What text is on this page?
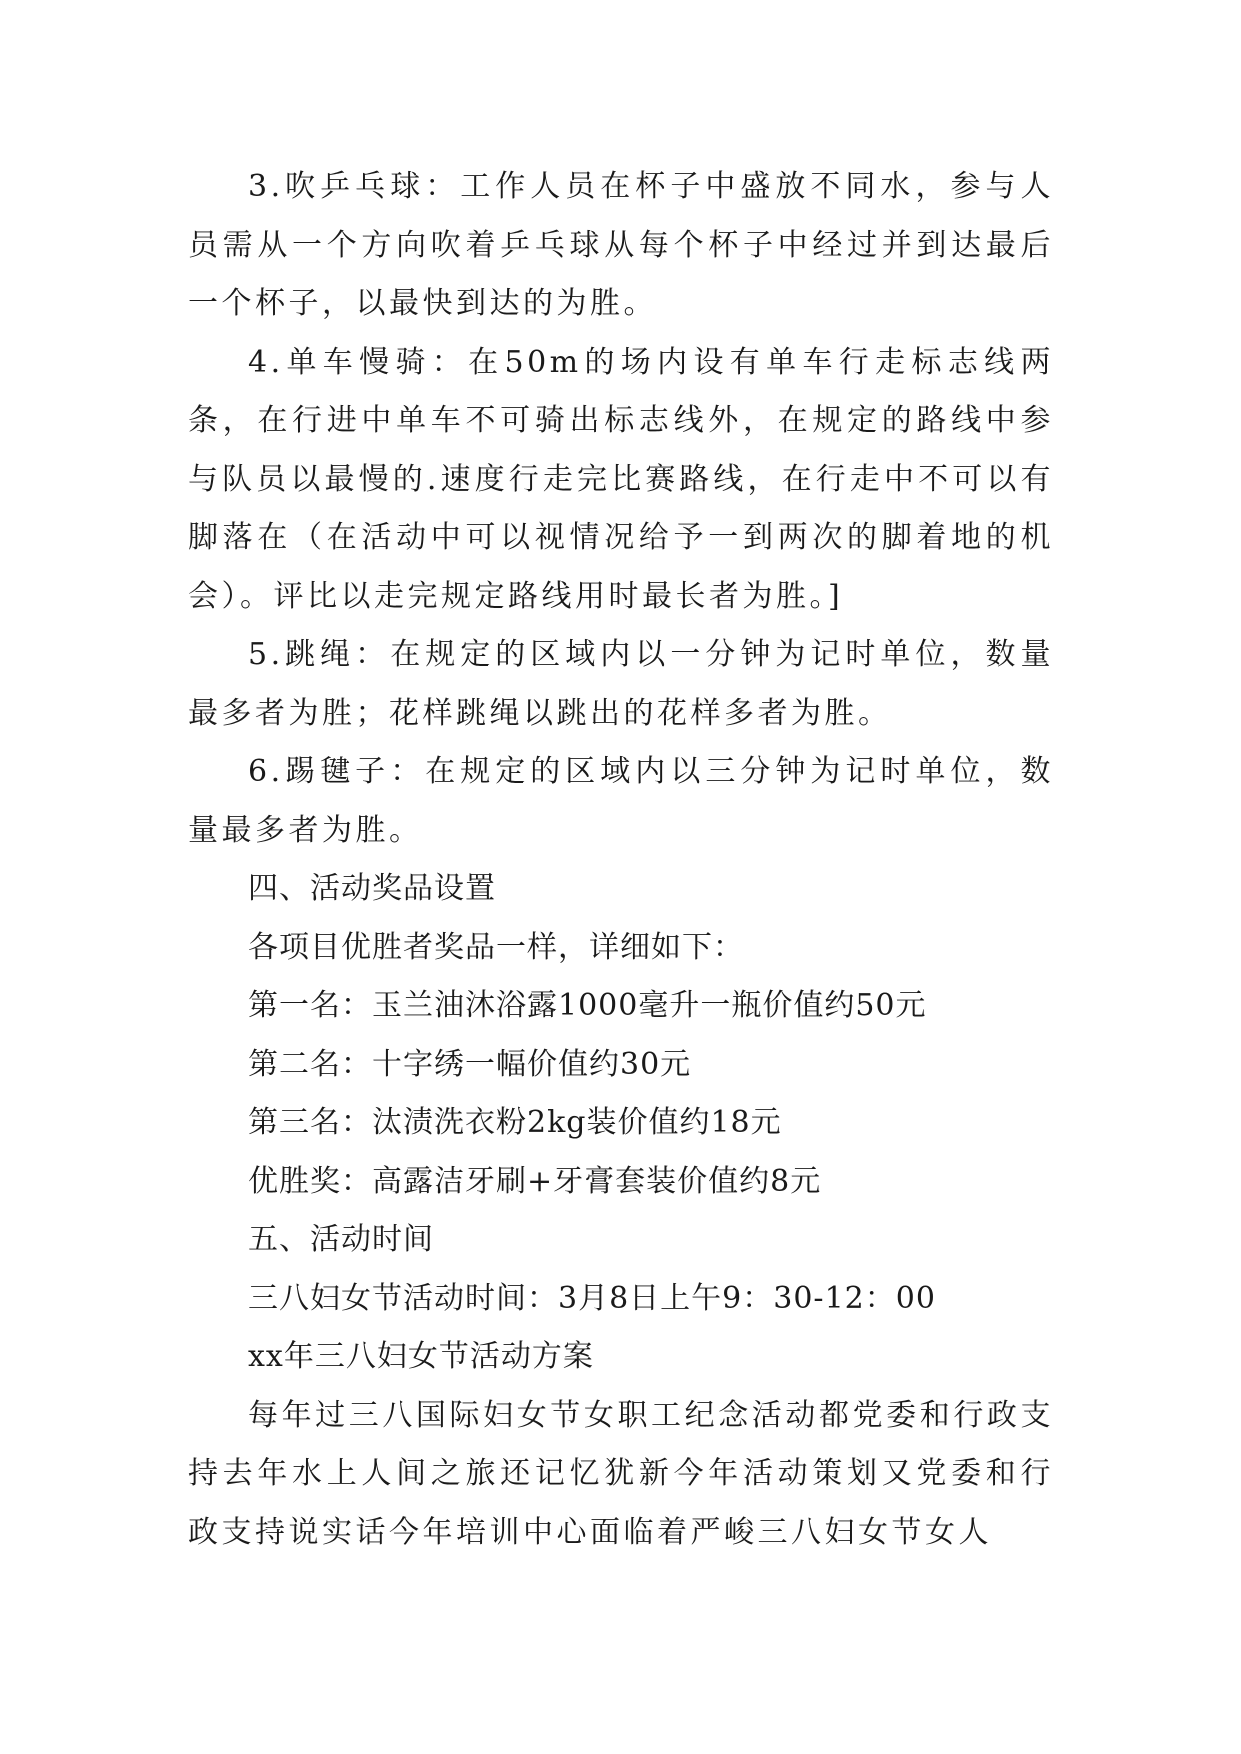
3.吹乒乓球：工作人员在杯子中盛放不同水，参与人员需从一个方向吹着乒乓球从每个杯子中经过并到达最后一个杯子，以最快到达的为胜。

4.单车慢骑：在50m的场内设有单车行走标志线两条，在行进中单车不可骑出标志线外，在规定的路线中参与队员以最慢的.速度行走完比赛路线，在行走中不可以有脚落在（在活动中可以视情况给予一到两次的脚着地的机会）。评比以走完规定路线用时最长者为胜。]

5.跳绳：在规定的区域内以一分钟为记时单位，数量最多者为胜；花样跳绳以跳出的花样多者为胜。

6.踢毽子：在规定的区域内以三分钟为记时单位，数量最多者为胜。

四、活动奖品设置

各项目优胜者奖品一样，详细如下：

第一名：玉兰油沐浴露1000毫升一瓶价值约50元

第二名：十字绣一幅价值约30元

第三名：汰渍洗衣粉2kg装价值约18元

优胜奖：高露洁牙刷+牙膏套装价值约8元

五、活动时间

三八妇女节活动时间：3月8日上午9：30-12：00

xx年三八妇女节活动方案

每年过三八国际妇女节女职工纪念活动都党委和行政支持去年水上人间之旅还记忆犹新今年活动策划又党委和行政支持说实话今年培训中心面临着严峻三八妇女节女人
